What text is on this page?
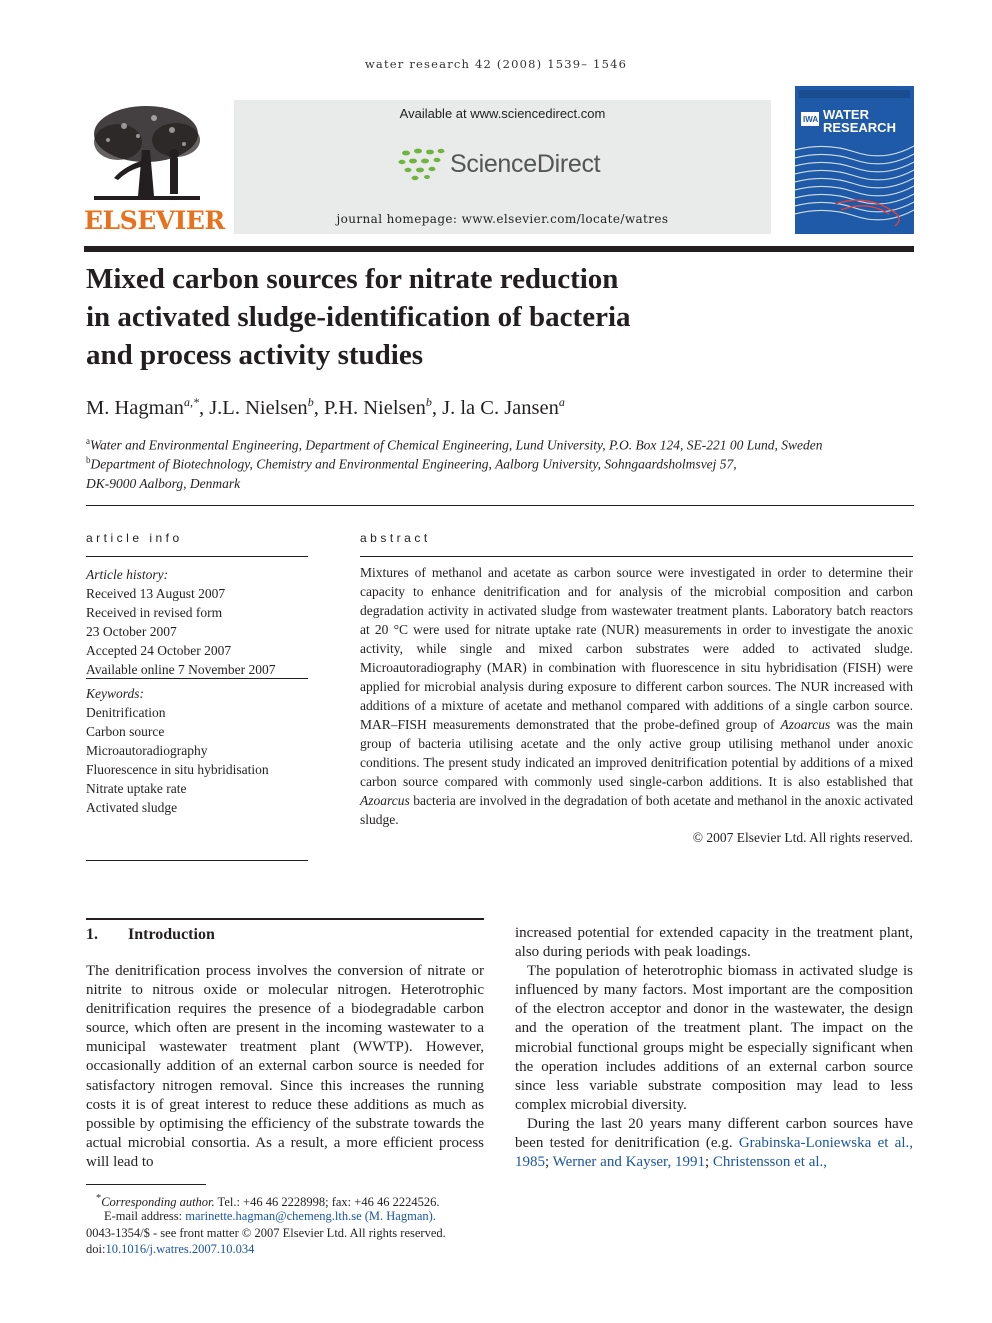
water research 42 (2008) 1539– 1546
ELSEVIER
Available at www.sciencedirect.com
ScienceDirect
journal homepage: www.elsevier.com/locate/watres
IWA WATER
RESEARCH
Mixed carbon sources for nitrate reduction
in activated sludge-identification of bacteria
and process activity studies
M. Hagman$^{a,*}$, J.L. Nielsen$^b$, P.H. Nielsen$^b$, J. la C. Jansen$^a$
$^a$Water and Environmental Engineering, Department of Chemical Engineering, Lund University, P.O. Box 124, SE-221 00 Lund, Sweden
$^b$Department of Biotechnology, Chemistry and Environmental Engineering, Aalborg University, Sohngaardsholmsvej 57,
DK-9000 Aalborg, Denmark
article info
Article history:
Received 13 August 2007
Received in revised form
23 October 2007
Accepted 24 October 2007
Available online 7 November 2007
Keywords:
Denitrification
Carbon source
Microautoradiography
Fluorescence in situ hybridisation
Nitrate uptake rate
Activated sludge
abstract
Mixtures of methanol and acetate as carbon source were investigated in order to determine their capacity to enhance denitrification and for analysis of the microbial composition and carbon degradation activity in activated sludge from wastewater treatment plants. Laboratory batch reactors at 20 °C were used for nitrate uptake rate (NUR) measurements in order to investigate the anoxic activity, while single and mixed carbon substrates were added to activated sludge. Microautoradiography (MAR) in combination with fluorescence in situ hybridisation (FISH) were applied for microbial analysis during exposure to different carbon sources. The NUR increased with additions of a mixture of acetate and methanol compared with additions of a single carbon source. MAR–FISH measurements demonstrated that the probe-defined group of Azoarcus was the main group of bacteria utilising acetate and the only active group utilising methanol under anoxic conditions. The present study indicated an improved denitrification potential by additions of a mixed carbon source compared with commonly used single-carbon additions. It is also established that Azoarcus bacteria are involved in the degradation of both acetate and methanol in the anoxic activated sludge.
© 2007 Elsevier Ltd. All rights reserved.
1. Introduction

The denitrification process involves the conversion of nitrate or nitrite to nitrous oxide or molecular nitrogen. Heterotrophic denitrification requires the presence of a biodegradable carbon source, which often are present in the incoming wastewater to a municipal wastewater treatment plant (WWTP). However, occasionally addition of an external carbon source is needed for satisfactory nitrogen removal. Since this increases the running costs it is of great interest to reduce these additions as much as possible by optimising the efficiency of the substrate towards the actual microbial consortia. As a result, a more efficient process will lead to

increased potential for extended capacity in the treatment plant, also during periods with peak loadings.

The population of heterotrophic biomass in activated sludge is influenced by many factors. Most important are the composition of the electron acceptor and donor in the wastewater, the design and the operation of the treatment plant. The impact on the microbial functional groups might be especially significant when the operation includes additions of an external carbon source since less variable substrate composition may lead to less complex microbial diversity.

During the last 20 years many different carbon sources have been tested for denitrification (e.g. Grabinska-Loniewska et al., 1985; Werner and Kayser, 1991; Christensson et al.,

*Corresponding author. Tel.: +46 46 2228998; fax: +46 46 2224526.
E-mail address: marinette.hagman@chemeng.lth.se (M. Hagman).
0043-1354/$ - see front matter © 2007 Elsevier Ltd. All rights reserved.
doi:10.1016/j.watres.2007.10.034
